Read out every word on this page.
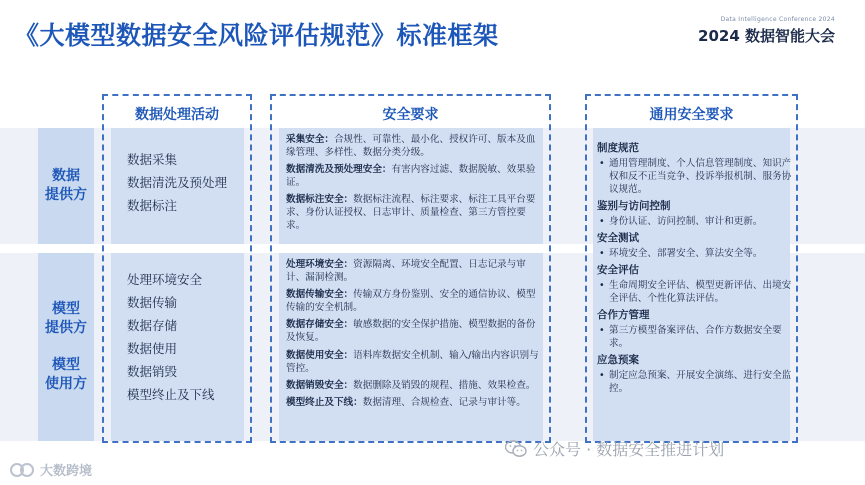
《大模型数据安全风险评估规范》标准框架
Data Intelligence Conference 2024
2024 数据智能大会
数据
提供方
模型
提供方
模型
使用方
数据处理活动
数据采集
数据清洗及预处理
数据标注
处理环境安全
数据传输
数据存储
数据使用
数据销毁
模型终止及下线
安全要求
采集安全：合规性、可靠性、最小化、授权许可、版本及血缘管理、多样性、数据分类分级。
数据清洗及预处理安全：有害内容过滤、数据脱敏、效果验证。
数据标注安全：数据标注流程、标注要求、标注工具平台要求、身份认证授权、日志审计、质量检查、第三方管控要求。
处理环境安全：资源隔离、环境安全配置、日志记录与审计、漏洞检测。
数据传输安全：传输双方身份鉴别、安全的通信协议、模型传输的安全机制。
数据存储安全：敏感数据的安全保护措施、模型数据的备份及恢复。
数据使用安全：语料库数据安全机制、输入/输出内容识别与管控。
数据销毁安全：数据删除及销毁的规程、措施、效果检查。
模型终止及下线：数据清理、合规检查、记录与审计等。
通用安全要求
制度规范
• 通用管理制度、个人信息管理制度、知识产权和反不正当竞争、投诉举报机制、服务协议规范。
鉴别与访问控制
• 身份认证、访问控制、审计和更新。
安全测试
• 环境安全、部署安全、算法安全等。
安全评估
• 生命周期安全评估、模型更新评估、出境安全评估、个性化算法评估。
合作方管理
• 第三方模型备案评估、合作方数据安全要求。
应急预案
• 制定应急预案、开展安全演练、进行安全监控。
公众号 · 数据安全推进计划
大数跨境
